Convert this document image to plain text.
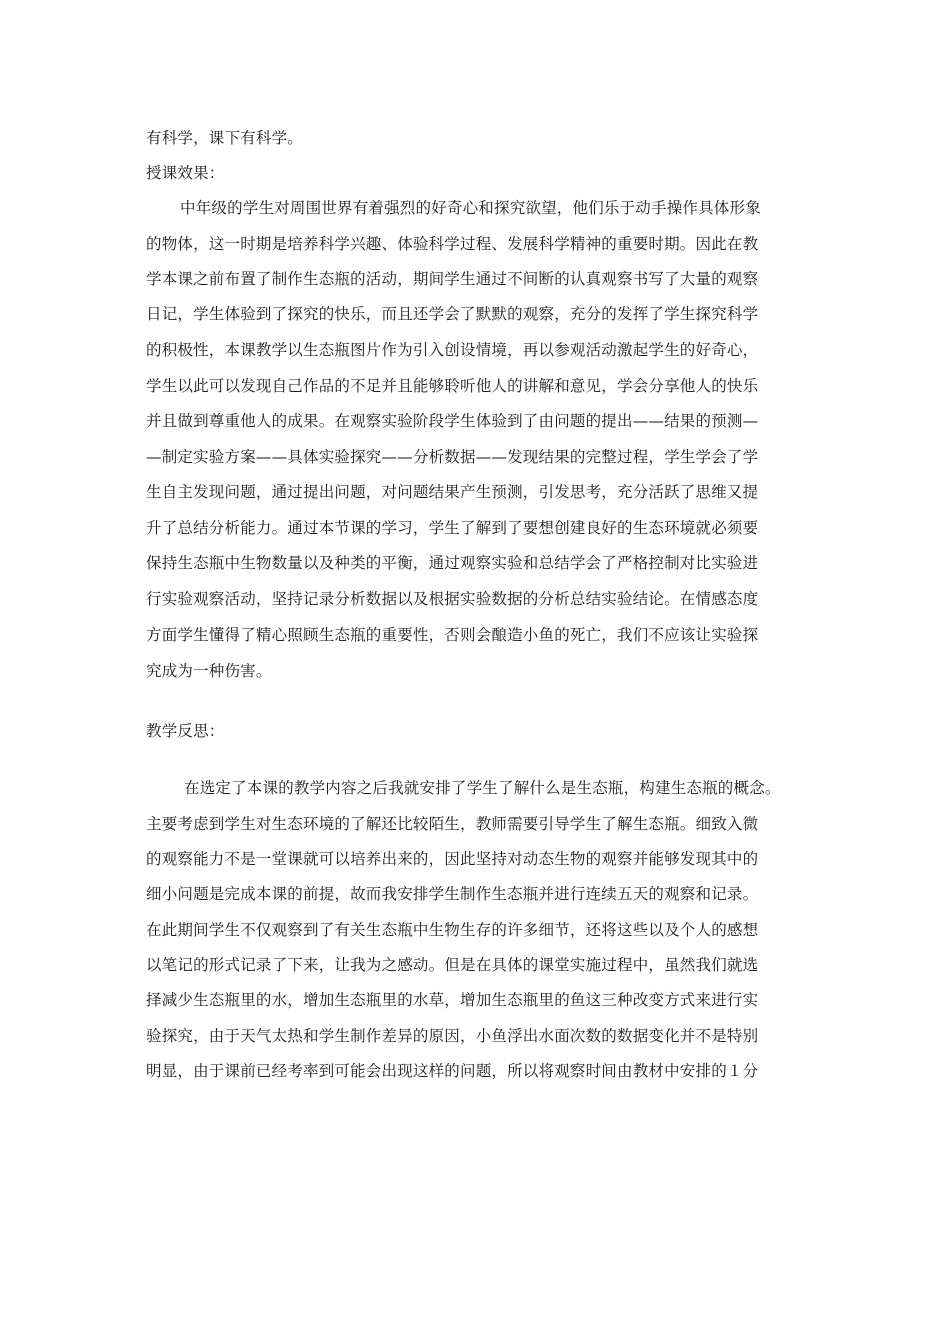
有科学，课下有科学。
授课效果：
中年级的学生对周围世界有着强烈的好奇心和探究欲望，他们乐于动手操作具体形象
的物体，这一时期是培养科学兴趣、体验科学过程、发展科学精神的重要时期。因此在教
学本课之前布置了制作生态瓶的活动，期间学生通过不间断的认真观察书写了大量的观察
日记，学生体验到了探究的快乐，而且还学会了默默的观察，充分的发挥了学生探究科学
的积极性，本课教学以生态瓶图片作为引入创设情境，再以参观活动激起学生的好奇心，
学生以此可以发现自己作品的不足并且能够聆听他人的讲解和意见，学会分享他人的快乐
并且做到尊重他人的成果。在观察实验阶段学生体验到了由问题的提出——结果的预测—
—制定实验方案——具体实验探究——分析数据——发现结果的完整过程，学生学会了学
生自主发现问题，通过提出问题，对问题结果产生预测，引发思考，充分活跃了思维又提
升了总结分析能力。通过本节课的学习，学生了解到了要想创建良好的生态环境就必须要
保持生态瓶中生物数量以及种类的平衡，通过观察实验和总结学会了严格控制对比实验进
行实验观察活动，坚持记录分析数据以及根据实验数据的分析总结实验结论。在情感态度
方面学生懂得了精心照顾生态瓶的重要性，否则会酿造小鱼的死亡，我们不应该让实验探
究成为一种伤害。
教学反思：
在选定了本课的教学内容之后我就安排了学生了解什么是生态瓶，构建生态瓶的概念。
主要考虑到学生对生态环境的了解还比较陌生，教师需要引导学生了解生态瓶。细致入微
的观察能力不是一堂课就可以培养出来的，因此坚持对动态生物的观察并能够发现其中的
细小问题是完成本课的前提，故而我安排学生制作生态瓶并进行连续五天的观察和记录。
在此期间学生不仅观察到了有关生态瓶中生物生存的许多细节，还将这些以及个人的感想
以笔记的形式记录了下来，让我为之感动。但是在具体的课堂实施过程中，虽然我们就选
择减少生态瓶里的水，增加生态瓶里的水草，增加生态瓶里的鱼这三种改变方式来进行实
验探究，由于天气太热和学生制作差异的原因，小鱼浮出水面次数的数据变化并不是特别
明显，由于课前已经考率到可能会出现这样的问题，所以将观察时间由教材中安排的１分
